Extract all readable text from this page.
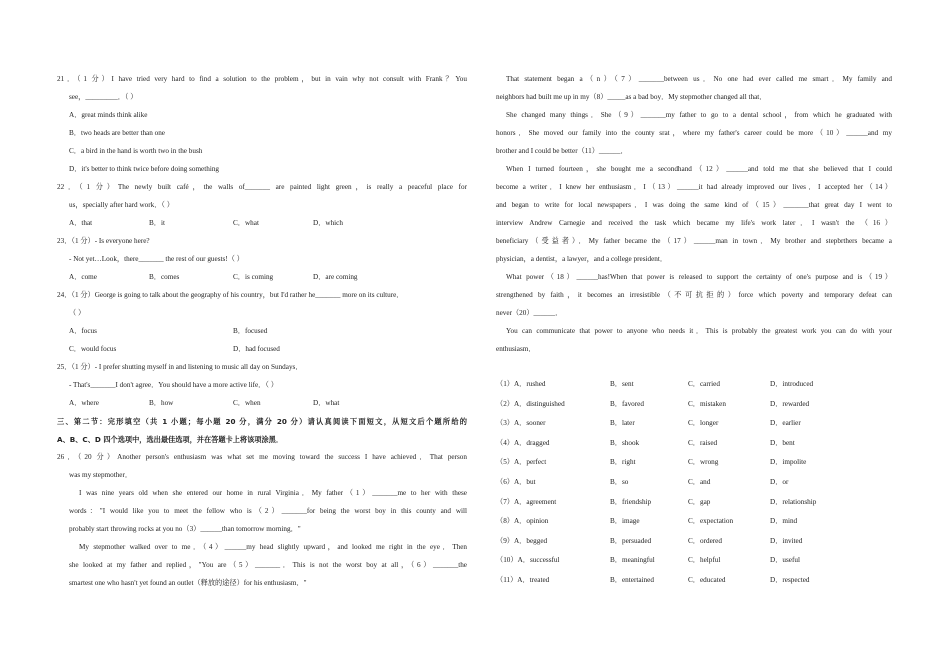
21．（1 分）I have tried very hard to find a solution to the problem，but in vain why not consult with Frank？You
see，_________．（ ）
A．great minds think alike
B．two heads are better than one
C．a bird in the hand is worth two in the bush
D．it's better to think twice before doing something
22．（1 分）The newly built café，the walls of_______ are painted light green，is really a peaceful place for
us，specially after hard work．（ ）
A．that	B．it	C．what	D．which
23．（1 分）- Is everyone here?
- Not yet…Look，there_______ the rest of our guests!（ ）
A．come	B．comes	C．is coming	D．are coming
24．（1 分）George is going to talk about the geography of his country，but I'd rather he_______ more on its culture．
（ ）
A．focus	B．focused
C．would focus	D．had focused
25．（1 分）- I prefer shutting myself in and listening to music all day on Sundays．
- That's_______I don't agree．You should have a more active life．（ ）
A．where	B．how	C．when	D．what
三、第二节：完形填空（共 1 小题；每小题 20 分，满分 20 分）请认真阅读下面短文，从短文后个题所给的
A、B、C、D 四个选项中，选出最佳选项，并在答题卡上将该项涂黑．
26．（20 分）Another person's enthusiasm was what set me moving toward the success I have achieved．That person
was my stepmother．
I was nine years old when she entered our home in rural Virginia．My father（1）_______me to her with these
words："I would like you to meet the fellow who is（2）_______for being the worst boy in this county and will
probably start throwing rocks at you no（3）______than tomorrow morning．"
My stepmother walked over to me．（4）______my head slightly upward，and looked me right in the eye．Then
she looked at my father and replied，"You are（5）_______．This is not the worst boy at all，（6）_______the
smartest one who hasn't yet found an outlet（释放的途径）for his enthusiasm．"
That statement began a（n）（7）_______between us．No one had ever called me smart．My family and
neighbors had built me up in my（8）_____as a bad boy．My stepmother changed all that．
She changed many things．She（9）_______my father to go to a dental school，from which he graduated with
honors．She moved our family into the county srat，where my father's career could be more（10）______and my
brother and I could be better（11）______．
When I turned fourteen，she bought me a secondhand（12）______and told me that she believed that I could
become a writer．I knew her enthusiasm．I（13）______it had already improved our lives．I accepted her（14）
and began to write for local newspapers．I was doing the same kind of（15）_______that great day I went to
interview Andrew Carnegie and received the task which became my life's work later．I wasn't the （16）
beneficiary（受益者）．My father became the（17）______man in town．My brother and stepbrthers became a
physician，a dentist，a lawyer，and a college president．
What power（18）______has!When that power is released to support the certainty of one's purpose and is（19）
strengthened by faith，it becomes an irresistible（不可抗拒的）force which poverty and temporary defeat can
never（20）______．
You can communicate that power to anyone who needs it．This is probably the greatest work you can do with your
enthusiasm．
（1）A．rushed	B．sent	C．carried	D．introduced
（2）A．distinguished	B．favored	C．mistaken	D．rewarded
（3）A．sooner	B．later	C．longer	D．earlier
（4）A．dragged	B．shook	C．raised	D．bent
（5）A．perfect	B．right	C．wrong	D．impolite
（6）A．but	B．so	C．and	D．or
（7）A．agreement	B．friendship	C．gap	D．relationship
（8）A．opinion	B．image	C．expectation	D．mind
（9）A．begged	B．persuaded	C．ordered	D．invited
（10）A．successful	B．meaningful	C．helpful	D．useful
（11）A．treated	B．entertained	C．educated	D．respected
